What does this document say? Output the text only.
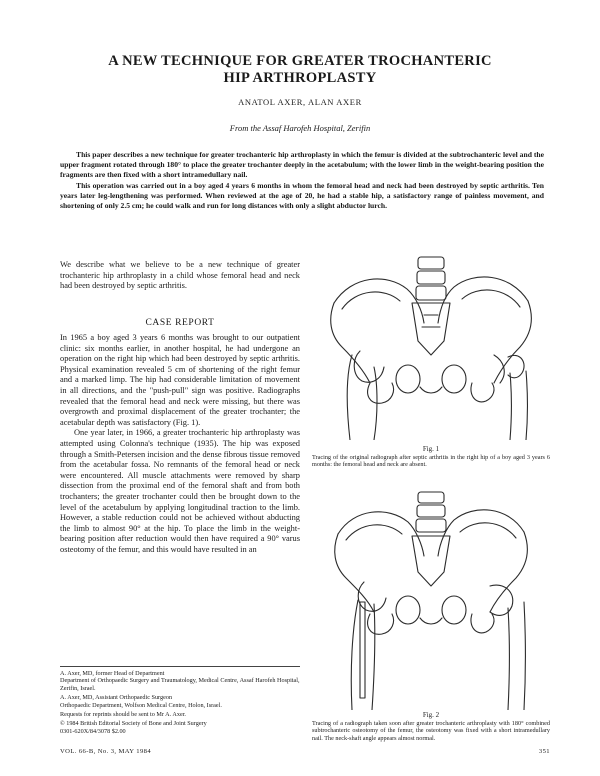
A NEW TECHNIQUE FOR GREATER TROCHANTERIC
HIP ARTHROPLASTY
ANATOL AXER, ALAN AXER
From the Assaf Harofeh Hospital, Zerifin

This paper describes a new technique for greater trochanteric hip arthroplasty in which the femur is divided at the subtrochanteric level and the upper fragment rotated through 180° to place the greater trochanter deeply in the acetabulum; with the lower limb in the weight-bearing position the fragments are then fixed with a short intramedullary nail.

This operation was carried out in a boy aged 4 years 6 months in whom the femoral head and neck had been destroyed by septic arthritis. Ten years later leg-lengthening was performed. When reviewed at the age of 20, he had a stable hip, a satisfactory range of painless movement, and shortening of only 2.5 cm; he could walk and run for long distances with only a slight abductor lurch.

We describe what we believe to be a new technique of greater trochanteric hip arthroplasty in a child whose femoral head and neck had been destroyed by septic arthritis.

CASE REPORT

In 1965 a boy aged 3 years 6 months was brought to our outpatient clinic: six months earlier, in another hospital, he had undergone an operation on the right hip which had been destroyed by septic arthritis. Physical examination revealed 5 cm of shortening of the right femur and a marked limp. The hip had considerable limitation of movement in all directions, and the "push-pull" sign was positive. Radiographs revealed that the femoral head and neck were missing, but there was overgrowth and proximal displacement of the greater trochanter; the acetabular depth was satisfactory (Fig. 1).

One year later, in 1966, a greater trochanteric hip arthroplasty was attempted using Colonna's technique (1935). The hip was exposed through a Smith-Petersen incision and the dense fibrous tissue removed from the acetabular fossa. No remnants of the femoral head or neck were encountered. All muscle attachments were removed by sharp dissection from the proximal end of the femoral shaft and from both trochanters; the greater trochanter could then be brought down to the level of the acetabulum by applying longitudinal traction to the limb. However, a stable reduction could not be achieved without abducting the limb to almost 90° at the hip. To place the limb in the weight-bearing position after reduction would then have required a 90° varus osteotomy of the femur, and this would have resulted in an

A. Axer, MD, former Head of Department

Department of Orthopaedic Surgery and Traumatology, Medical Centre, Assaf Harofeh Hospital, Zerifin, Israel.

A. Axer, MD, Assistant Orthopaedic Surgeon

Orthopaedic Department, Wolfson Medical Centre, Holon, Israel.

Requests for reprints should be sent to Mr A. Axer.

© 1984 British Editorial Society of Bone and Joint Surgery

0301-620X/84/3078 $2.00

Fig. 1
Tracing of the original radiograph after septic arthritis in the right hip of a boy aged 3 years 6 months: the femoral head and neck are absent.
Fig. 2
Tracing of a radiograph taken soon after greater trochanteric arthroplasty with 180° combined subtrochanteric osteotomy of the femur, the osteotomy was fixed with a short intramedullary nail. The neck-shaft angle appears almost normal.
VOL. 66-B, No. 3, MAY 1984	351
